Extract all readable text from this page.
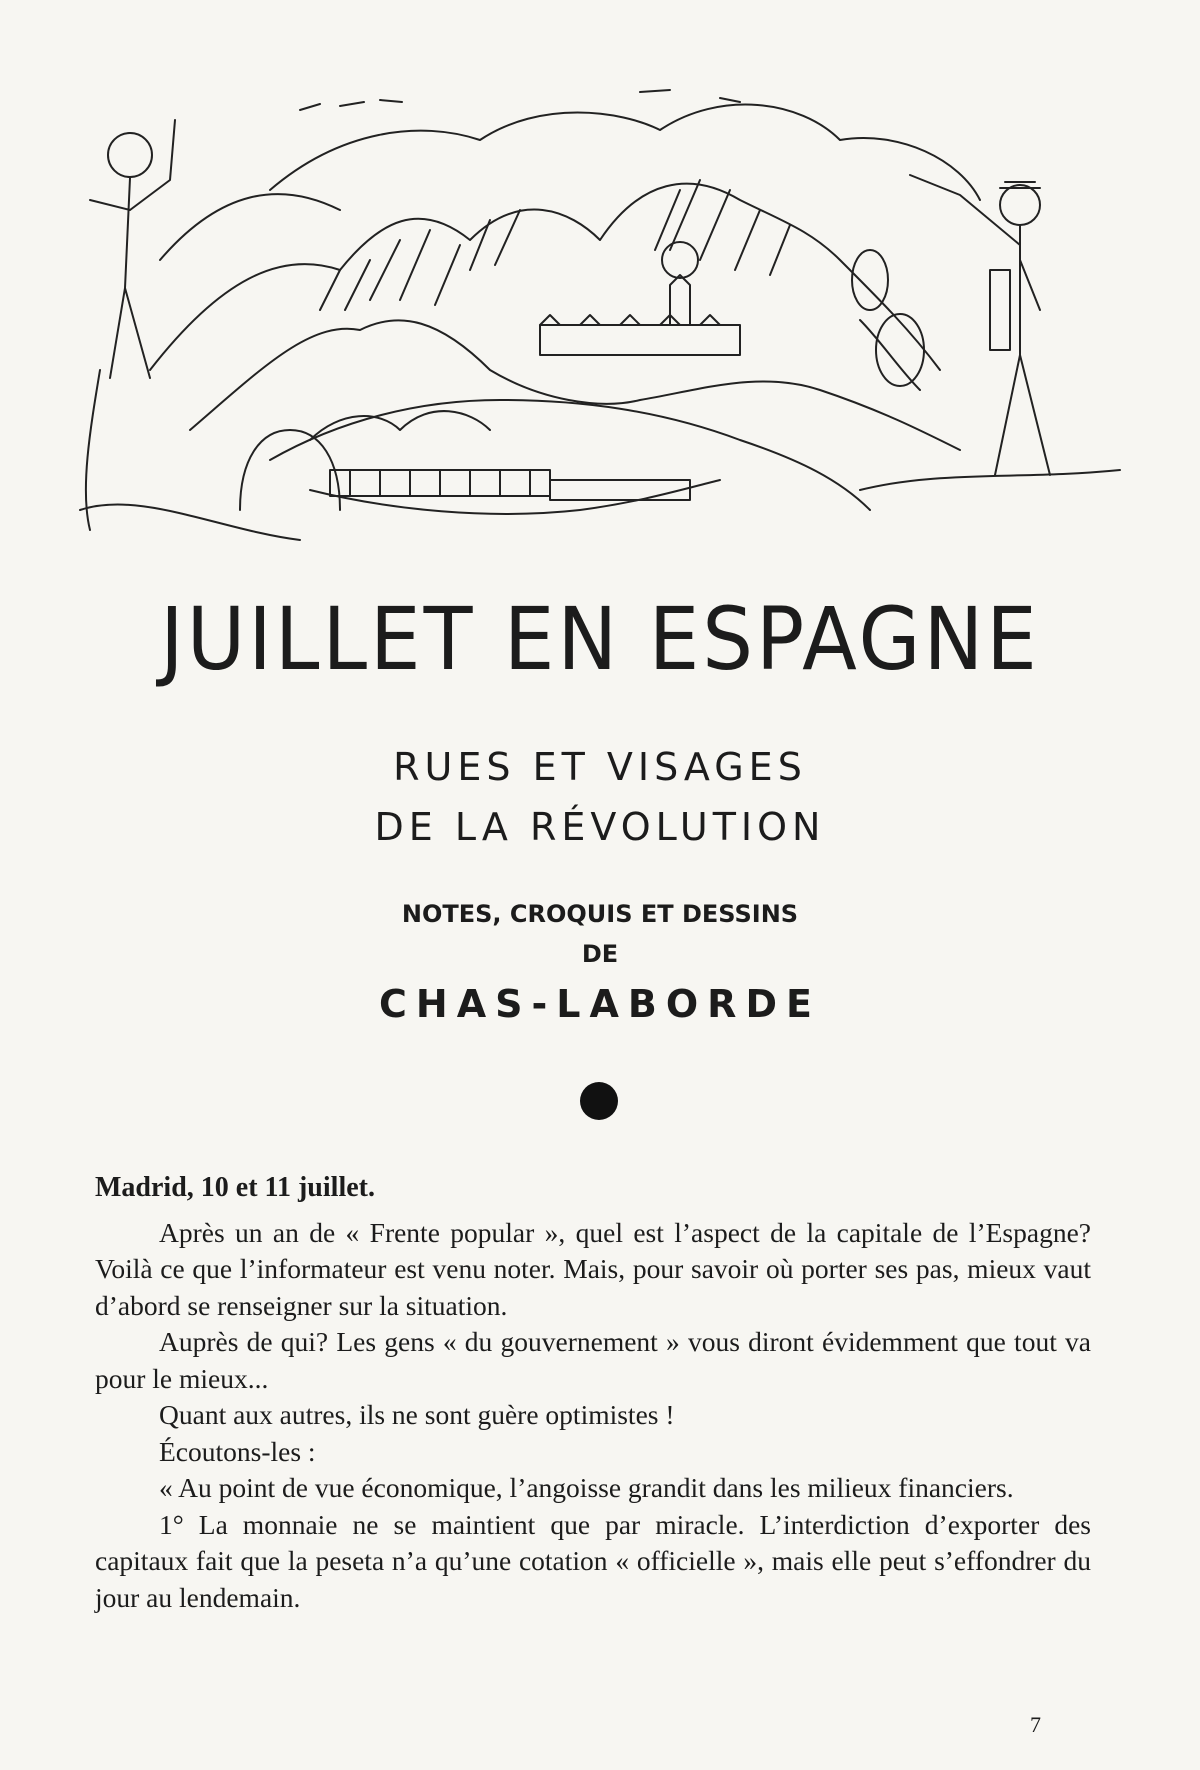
JUILLET EN ESPAGNE
RUES ET VISAGES
DE LA RÉVOLUTION
NOTES, CROQUIS ET DESSINS
DE
CHAS-LABORDE

Madrid, 10 et 11 juillet.

Après un an de « Frente popular », quel est l’aspect de la capitale de l’Espagne? Voilà ce que l’informateur est venu noter. Mais, pour savoir où porter ses pas, mieux vaut d’abord se renseigner sur la situation.

Auprès de qui? Les gens « du gouvernement » vous diront évidemment que tout va pour le mieux...

Quant aux autres, ils ne sont guère optimistes !

Écoutons-les :

« Au point de vue économique, l’angoisse grandit dans les milieux financiers.

1° La monnaie ne se maintient que par miracle. L’interdiction d’exporter des capitaux fait que la peseta n’a qu’une cotation « officielle », mais elle peut s’effondrer du jour au lendemain.

7
